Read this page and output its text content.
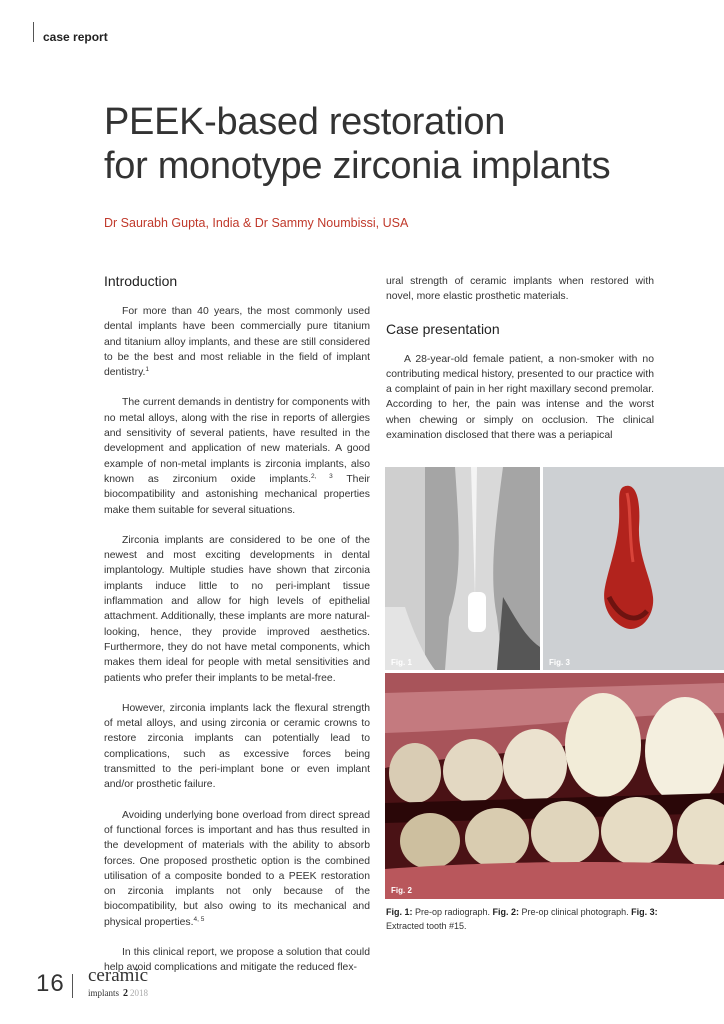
case report
PEEK-based restoration
for monotype zirconia implants
Dr Saurabh Gupta, India & Dr Sammy Noumbissi, USA
Introduction

For more than 40 years, the most commonly used dental implants have been commercially pure titanium and titanium alloy implants, and these are still considered to be the best and most reliable in the field of implant dentistry.$^1$

The current demands in dentistry for components with no metal alloys, along with the rise in reports of allergies and sensitivity of several patients, have resulted in the development and application of new materials. A good example of non-metal implants is zirconia implants, also known as zirconium oxide implants.$^{2, 3}$ Their biocompatibility and astonishing mechanical properties make them suitable for several situations.

Zirconia implants are considered to be one of the newest and most exciting developments in dental implantology. Multiple studies have shown that zirconia implants induce little to no peri-implant tissue inflammation and allow for high levels of epithelial attachment. Additionally, these implants are more natural-looking, hence, they provide improved aesthetics. Furthermore, they do not have metal components, which makes them ideal for people with metal sensitivities and patients who prefer their implants to be metal-free.

However, zirconia implants lack the flexural strength of metal alloys, and using zirconia or ceramic crowns to restore zirconia implants can potentially lead to complications, such as excessive forces being transmitted to the peri-implant bone or even implant and/or prosthetic failure.

Avoiding underlying bone overload from direct spread of functional forces is important and has thus resulted in the development of materials with the ability to absorb forces. One proposed prosthetic option is the combined utilisation of a composite bonded to a PEEK restoration on zirconia implants not only because of the biocompatibility, but also owing to its mechanical and physical properties.$^{4, 5}$

In this clinical report, we propose a solution that could help avoid complications and mitigate the reduced flex-

ural strength of ceramic implants when restored with novel, more elastic prosthetic materials.

Case presentation

A 28-year-old female patient, a non-smoker with no contributing medical history, presented to our practice with a complaint of pain in her right maxillary second premolar. According to her, the pain was intense and the worst when chewing or simply on occlusion. The clinical examination disclosed that there was a periapical

Fig. 1	Fig. 3
Fig. 2
Fig. 1: Pre-op radiograph. Fig. 2: Pre-op clinical photograph. Fig. 3: Extracted tooth #15.
16 ceramic
implants 2 2018
